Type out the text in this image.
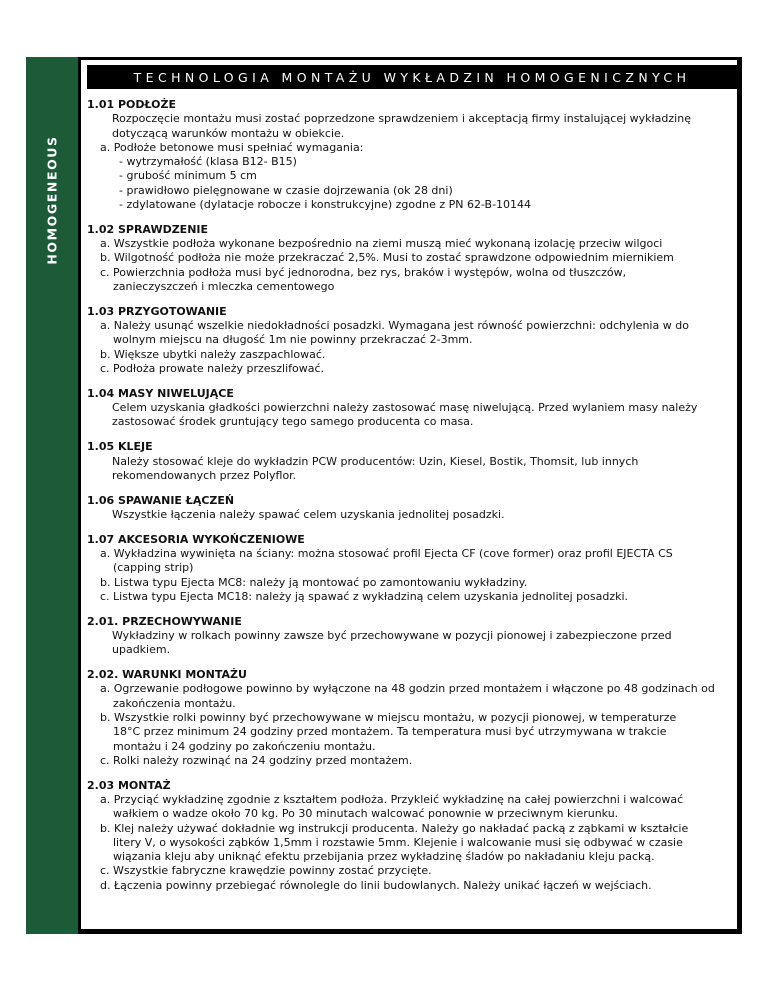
HOMOGENEOUS
TECHNOLOGIA MONTAŻU WYKŁADZIN HOMOGENICZNYCH

1.01 PODŁOŻE

Rozpoczęcie montażu musi zostać poprzedzone sprawdzeniem i akceptacją firmy instalującej wykładzinę

dotyczącą warunków montażu w obiekcie.

a. Podłoże betonowe musi spełniać wymagania:

- wytrzymałość (klasa B12- B15)

- grubość minimum 5 cm

- prawidłowo pielęgnowane w czasie dojrzewania (ok 28 dni)

- zdylatowane (dylatacje robocze i konstrukcyjne) zgodne z PN 62-B-10144

1.02 SPRAWDZENIE

a. Wszystkie podłoża wykonane bezpośrednio na ziemi muszą mieć wykonaną izolację przeciw wilgoci

b. Wilgotność podłoża nie może przekraczać 2,5%. Musi to zostać sprawdzone odpowiednim miernikiem

c. Powierzchnia podłoża musi być jednorodna, bez rys, braków i występów, wolna od tłuszczów,

zanieczyszczeń i mleczka cementowego

1.03 PRZYGOTOWANIE

a. Należy usunąć wszelkie niedokładności posadzki. Wymagana jest równość powierzchni: odchylenia w do

wolnym miejscu na długość 1m nie powinny przekraczać 2-3mm.

b. Większe ubytki należy zaszpachlować.

c. Podłoża prowate należy przeszlifować.

1.04 MASY NIWELUJĄCE

Celem uzyskania gładkości powierzchni należy zastosować masę niwelującą. Przed wylaniem masy należy

zastosować środek gruntujący tego samego producenta co masa.

1.05 KLEJE

Należy stosować kleje do wykładzin PCW producentów: Uzin, Kiesel, Bostik, Thomsit, lub innych

rekomendowanych przez Polyflor.

1.06 SPAWANIE ŁĄCZEŃ

Wszystkie łączenia należy spawać celem uzyskania jednolitej posadzki.

1.07 AKCESORIA WYKOŃCZENIOWE

a. Wykładzina wywinięta na ściany: można stosować profil Ejecta CF (cove former) oraz profil EJECTA CS

(capping strip)

b. Listwa typu Ejecta MC8: należy ją montować po zamontowaniu wykładziny.

c. Listwa typu Ejecta MC18: należy ją spawać z wykładziną celem uzyskania jednolitej posadzki.

2.01. PRZECHOWYWANIE

Wykładziny w rolkach powinny zawsze być przechowywane w pozycji pionowej i zabezpieczone przed

upadkiem.

2.02. WARUNKI MONTAŻU

a. Ogrzewanie podłogowe powinno by wyłączone na 48 godzin przed montażem i włączone po 48 godzinach od

zakończenia montażu.

b. Wszystkie rolki powinny być przechowywane w miejscu montażu, w pozycji pionowej, w temperaturze

18°C przez minimum 24 godziny przed montażem. Ta temperatura musi być utrzymywana w trakcie

montażu i 24 godziny po zakończeniu montażu.

c. Rolki należy rozwinąć na 24 godziny przed montażem.

2.03 MONTAŻ

a. Przyciąć wykładzinę zgodnie z kształtem podłoża. Przykleić wykładzinę na całej powierzchni i walcować

wałkiem o wadze około 70 kg. Po 30 minutach walcować ponownie w przeciwnym kierunku.

b. Klej należy używać dokładnie wg instrukcji producenta. Należy go nakładać packą z ząbkami w kształcie

litery V, o wysokości ząbków 1,5mm i rozstawie 5mm. Klejenie i walcowanie musi się odbywać w czasie

wiązania kleju aby uniknąć efektu przebijania przez wykładzinę śladów po nakładaniu kleju packą.

c. Wszystkie fabryczne krawędzie powinny zostać przycięte.

d. Łączenia powinny przebiegać równolegle do linii budowlanych. Należy unikać łączeń w wejściach.
